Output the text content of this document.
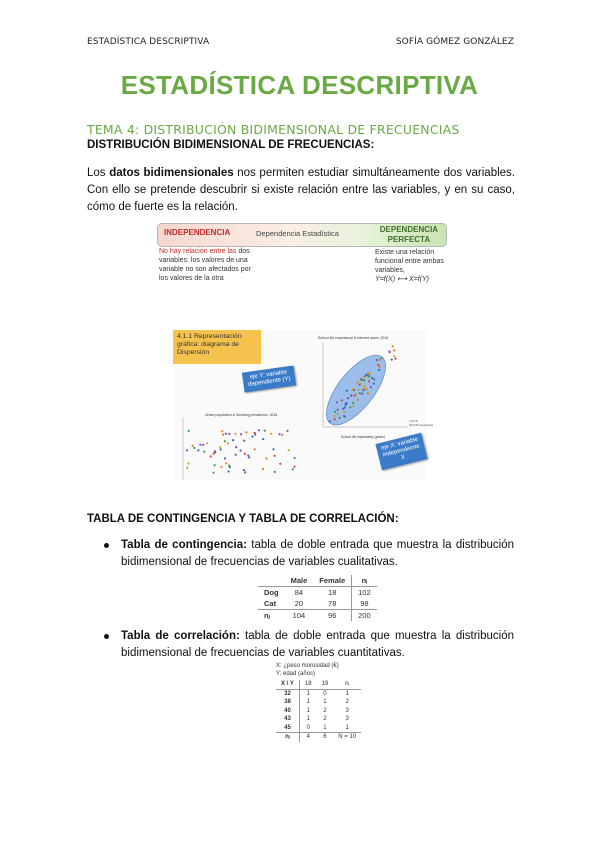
ESTADÍSTICA DESCRIPTIVA	SOFÍA GÓMEZ GONZÁLEZ
ESTADÍSTICA DESCRIPTIVA
TEMA 4: DISTRIBUCIÓN BIDIMENSIONAL DE FRECUENCIAS
DISTRIBUCIÓN BIDIMENSIONAL DE FRECUENCIAS:
Los datos bidimensionales nos permiten estudiar simultáneamente dos variables. Con ello se pretende descubrir si existe relación entre las variables, y en su caso, cómo de fuerte es la relación.
INDEPENDENCIA	Dependencia Estadística	DEPENDENCIA
PERFECTA
No hay relación entre las dos variables: los valores de una variable no son afectados por los valores de la otra
Existe una relación funcional entre ambas variables,
Y=f(X) ⟷ X=f(Y)
School life expectancy & Internet users, 2016
School life expectancy (years)
r=0.75
(N=151 countries)
Urban population & Smoking prevalence, 2016
4.1.1 Representación gráfica: diagrama de Dispersión
eje Y: variable dependiente (Y)
eje X: variable independiente X
TABLA DE CONTINGENCIA Y TABLA DE CORRELACIÓN:
Tabla de contingencia: tabla de doble entrada que muestra la distribución bidimensional de frecuencias de variables cualitativas.
	Male	Female	nᵢ
Dog	84	18	102
Cat	20	78	98
nⱼ	104	96	200
Tabla de correlación: tabla de doble entrada que muestra la distribución bidimensional de frecuencias de variables cuantitativas.
X: ¿peso morosidad (€)
Y: edad (años)
X \ Y	18	19	nᵢ
32	1	0	1
38	1	1	2
40	1	2	3
43	1	2	3
45	0	1	1
nⱼ	4	6	N = 10
